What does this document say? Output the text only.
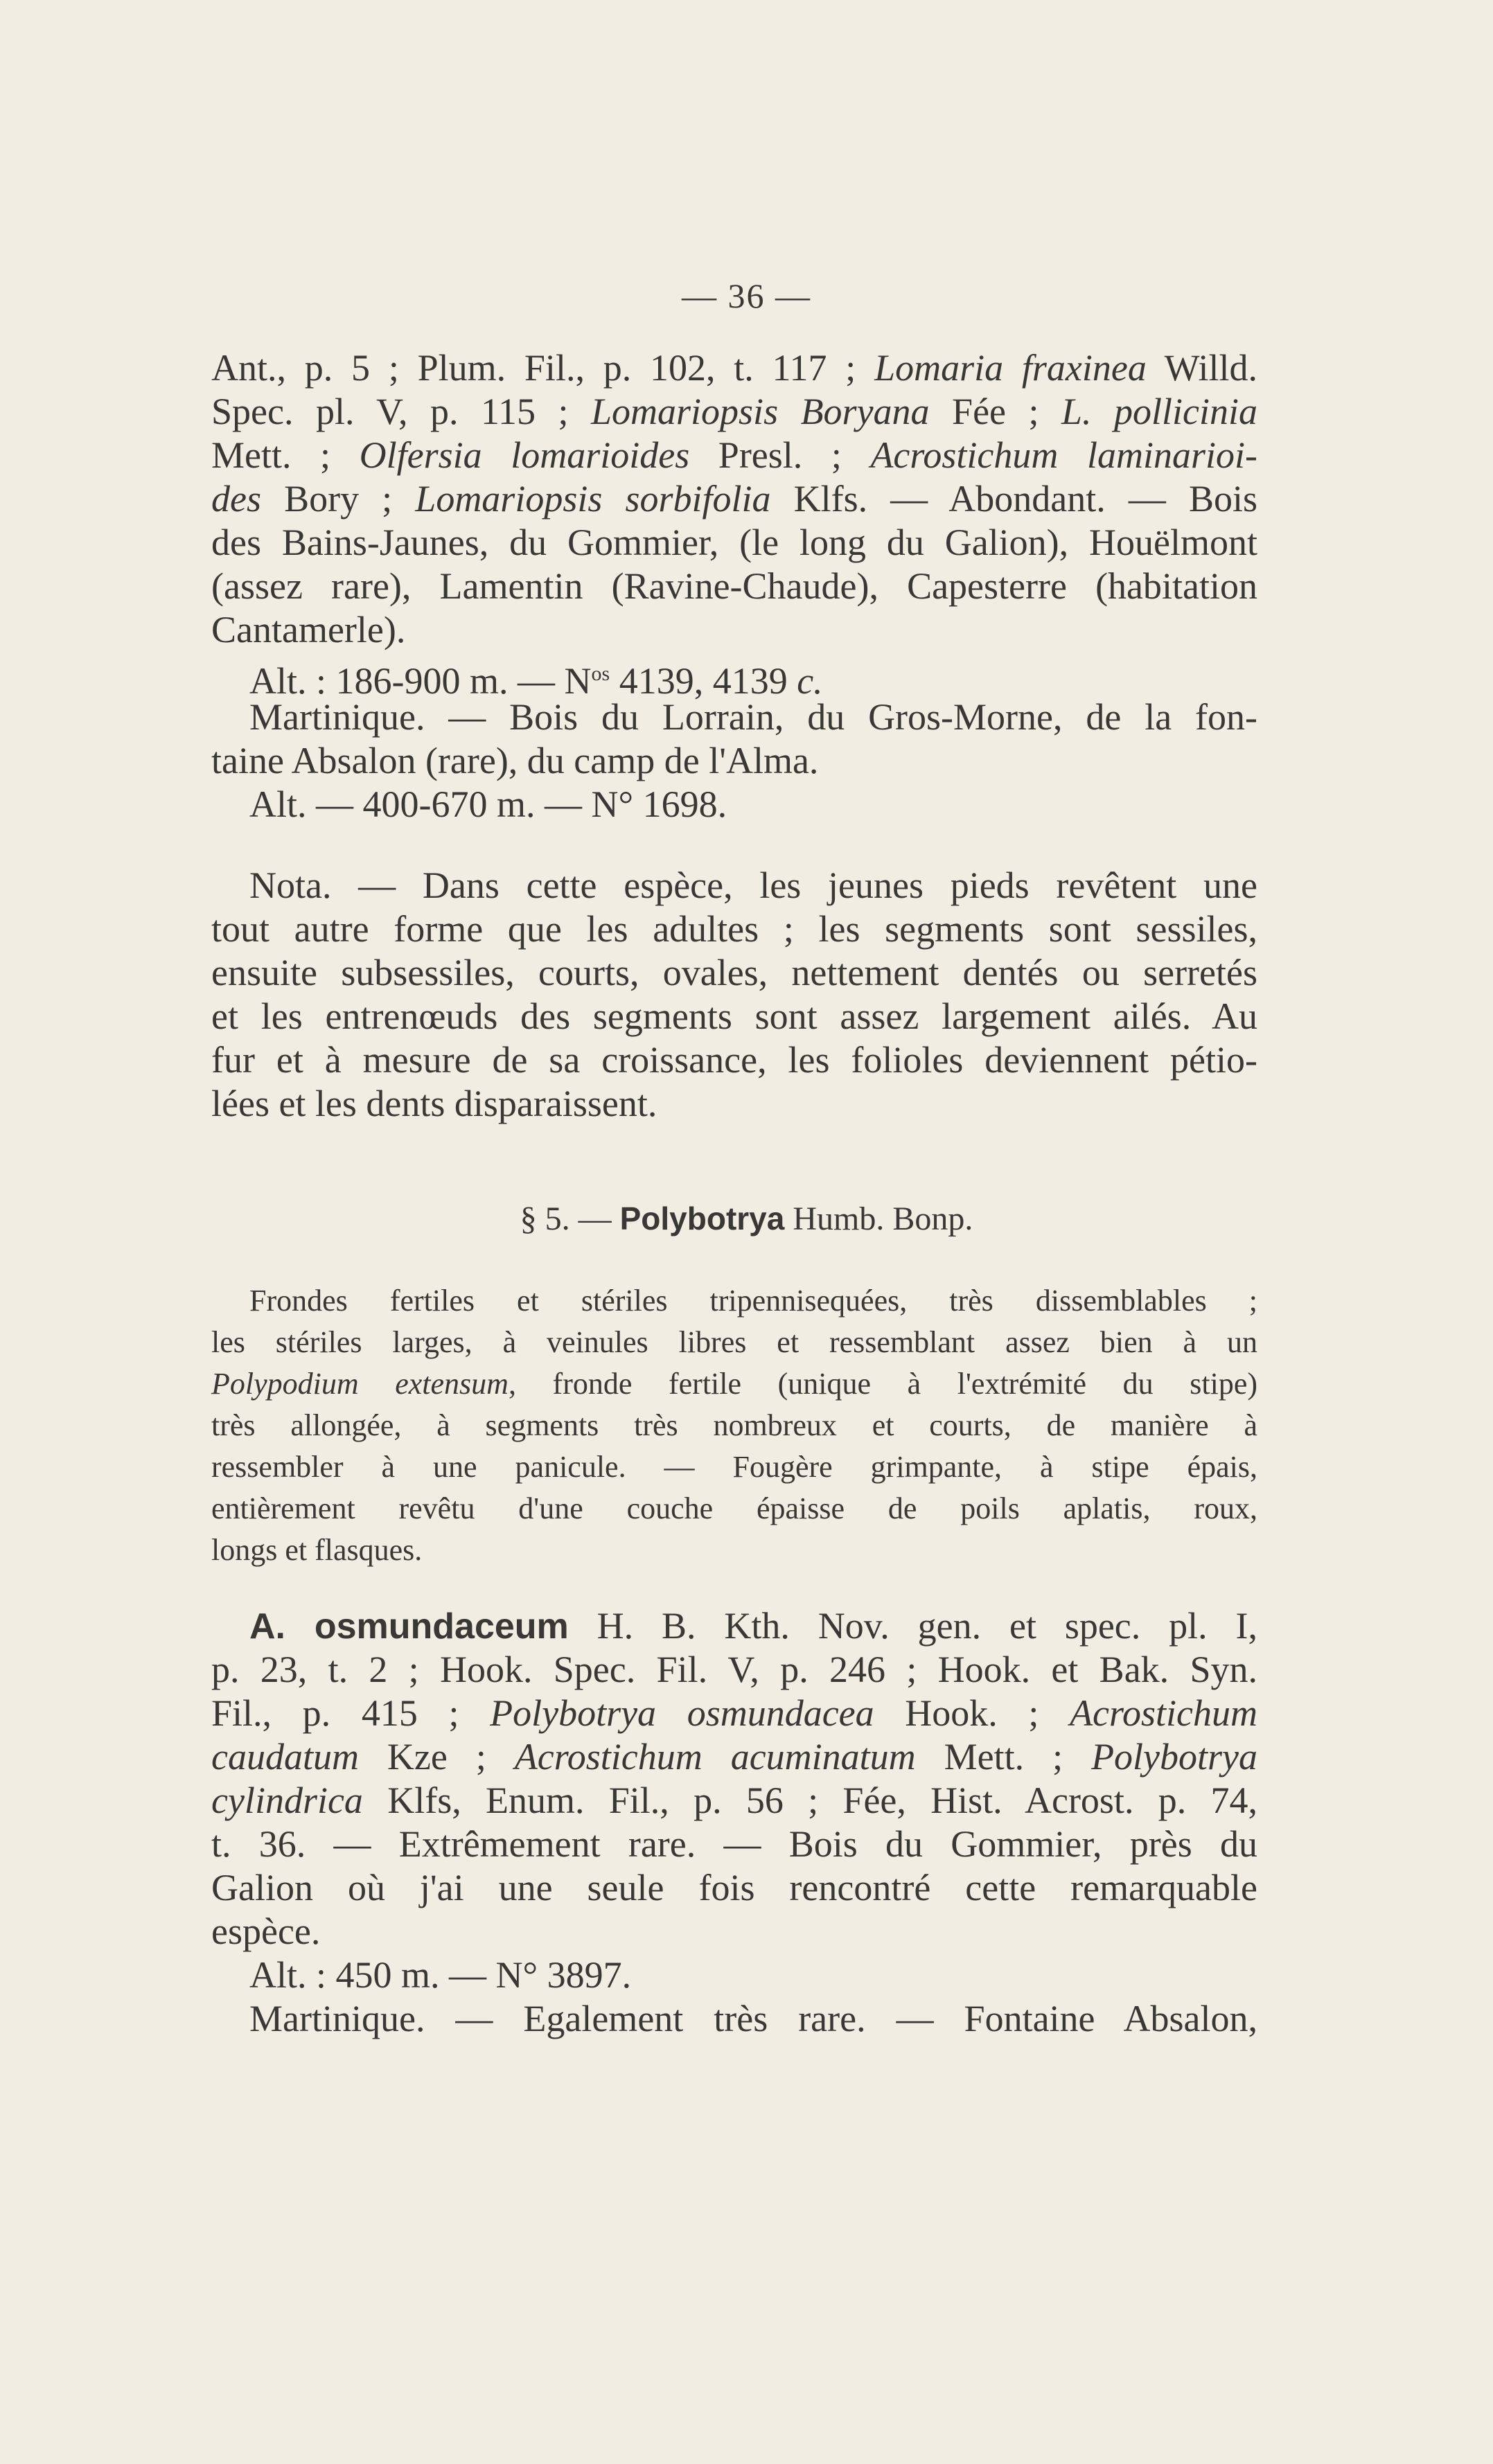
— 36 —
Ant., p. 5 ; Plum. Fil., p. 102, t. 117 ; Lomaria fraxinea Willd.
Spec. pl. V, p. 115 ; Lomariopsis Boryana Fée ; L. pollicinia
Mett. ; Olfersia lomarioides Presl. ; Acrostichum laminarioi-
des Bory ; Lomariopsis sorbifolia Klfs. — Abondant. — Bois
des Bains-Jaunes, du Gommier, (le long du Galion), Houëlmont
(assez rare), Lamentin (Ravine-Chaude), Capesterre (habitation
Cantamerle).
Alt. : 186-900 m. — $N^{os}$ 4139, 4139 c.
Martinique. — Bois du Lorrain, du Gros-Morne, de la fon-
taine Absalon (rare), du camp de l'Alma.
Alt. — 400-670 m. — N° 1698.
Nota. — Dans cette espèce, les jeunes pieds revêtent une
tout autre forme que les adultes ; les segments sont sessiles,
ensuite subsessiles, courts, ovales, nettement dentés ou serretés
et les entrenœuds des segments sont assez largement ailés. Au
fur et à mesure de sa croissance, les folioles deviennent pétio-
lées et les dents disparaissent.
§ 5. — Polybotrya Humb. Bonp.
Frondes fertiles et stériles tripennisequées, très dissemblables ;
les stériles larges, à veinules libres et ressemblant assez bien à un
Polypodium extensum, fronde fertile (unique à l'extrémité du stipe)
très allongée, à segments très nombreux et courts, de manière à
ressembler à une panicule. — Fougère grimpante, à stipe épais,
entièrement revêtu d'une couche épaisse de poils aplatis, roux,
longs et flasques.
A. osmundaceum H. B. Kth. Nov. gen. et spec. pl. I,
p. 23, t. 2 ; Hook. Spec. Fil. V, p. 246 ; Hook. et Bak. Syn.
Fil., p. 415 ; Polybotrya osmundacea Hook. ; Acrostichum
caudatum Kze ; Acrostichum acuminatum Mett. ; Polybotrya
cylindrica Klfs, Enum. Fil., p. 56 ; Fée, Hist. Acrost. p. 74,
t. 36. — Extrêmement rare. — Bois du Gommier, près du
Galion où j'ai une seule fois rencontré cette remarquable
espèce.
Alt. : 450 m. — N° 3897.
Martinique. — Egalement très rare. — Fontaine Absalon,
